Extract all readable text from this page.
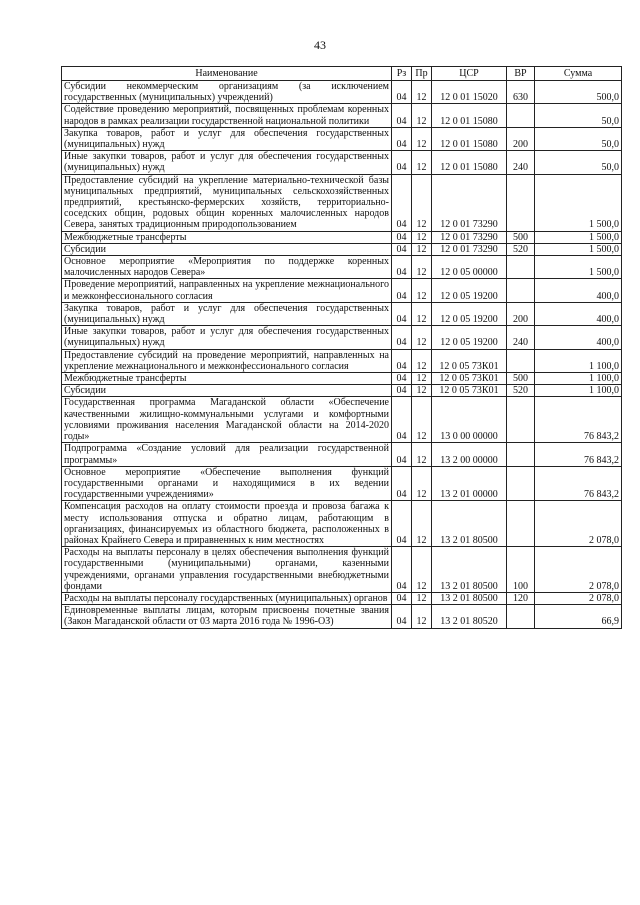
43
Наименование	Рз	Пр	ЦСР	ВР	Сумма
Субсидии некоммерческим организациям (за исключением государственных (муниципальных) учреждений)	04	12	12 0 01 15020	630	500,0
Содействие проведению мероприятий, посвященных проблемам коренных народов в рамках реализации государственной национальной политики	04	12	12 0 01 15080		50,0
Закупка товаров, работ и услуг для обеспечения государственных (муниципальных) нужд	04	12	12 0 01 15080	200	50,0
Иные закупки товаров, работ и услуг для обеспечения государственных (муниципальных) нужд	04	12	12 0 01 15080	240	50,0
Предоставление субсидий на укрепление материально-технической базы муниципальных предприятий, муниципальных сельскохозяйственных предприятий, крестьянско-фермерских хозяйств, территориально-соседских общин, родовых общин коренных малочисленных народов Севера, занятых традиционным природопользованием	04	12	12 0 01 73290		1 500,0
Межбюджетные трансферты	04	12	12 0 01 73290	500	1 500,0
Субсидии	04	12	12 0 01 73290	520	1 500,0
Основное мероприятие «Мероприятия по поддержке коренных малочисленных народов Севера»	04	12	12 0 05 00000		1 500,0
Проведение мероприятий, направленных на укрепление межнационального и межконфессионального согласия	04	12	12 0 05 19200		400,0
Закупка товаров, работ и услуг для обеспечения государственных (муниципальных) нужд	04	12	12 0 05 19200	200	400,0
Иные закупки товаров, работ и услуг для обеспечения государственных (муниципальных) нужд	04	12	12 0 05 19200	240	400,0
Предоставление субсидий на проведение мероприятий, направленных на укрепление межнационального и межконфессионального согласия	04	12	12 0 05 73К01		1 100,0
Межбюджетные трансферты	04	12	12 0 05 73К01	500	1 100,0
Субсидии	04	12	12 0 05 73К01	520	1 100,0
Государственная программа Магаданской области «Обеспечение качественными жилищно-коммунальными услугами и комфортными условиями проживания населения Магаданской области на 2014-2020 годы»	04	12	13 0 00 00000		76 843,2
Подпрограмма «Создание условий для реализации государственной программы»	04	12	13 2 00 00000		76 843,2
Основное мероприятие «Обеспечение выполнения функций государственными органами и находящимися в их ведении государственными учреждениями»	04	12	13 2 01 00000		76 843,2
Компенсация расходов на оплату стоимости проезда и провоза багажа к месту использования отпуска и обратно лицам, работающим в организациях, финансируемых из областного бюджета, расположенных в районах Крайнего Севера и приравненных к ним местностях	04	12	13 2 01 80500		2 078,0
Расходы на выплаты персоналу в целях обеспечения выполнения функций государственными (муниципальными) органами, казенными учреждениями, органами управления государственными внебюджетными фондами	04	12	13 2 01 80500	100	2 078,0
Расходы на выплаты персоналу государственных (муниципальных) органов	04	12	13 2 01 80500	120	2 078,0
Единовременные выплаты лицам, которым присвоены почетные звания (Закон Магаданской области от 03 марта 2016 года № 1996-ОЗ)	04	12	13 2 01 80520		66,9
